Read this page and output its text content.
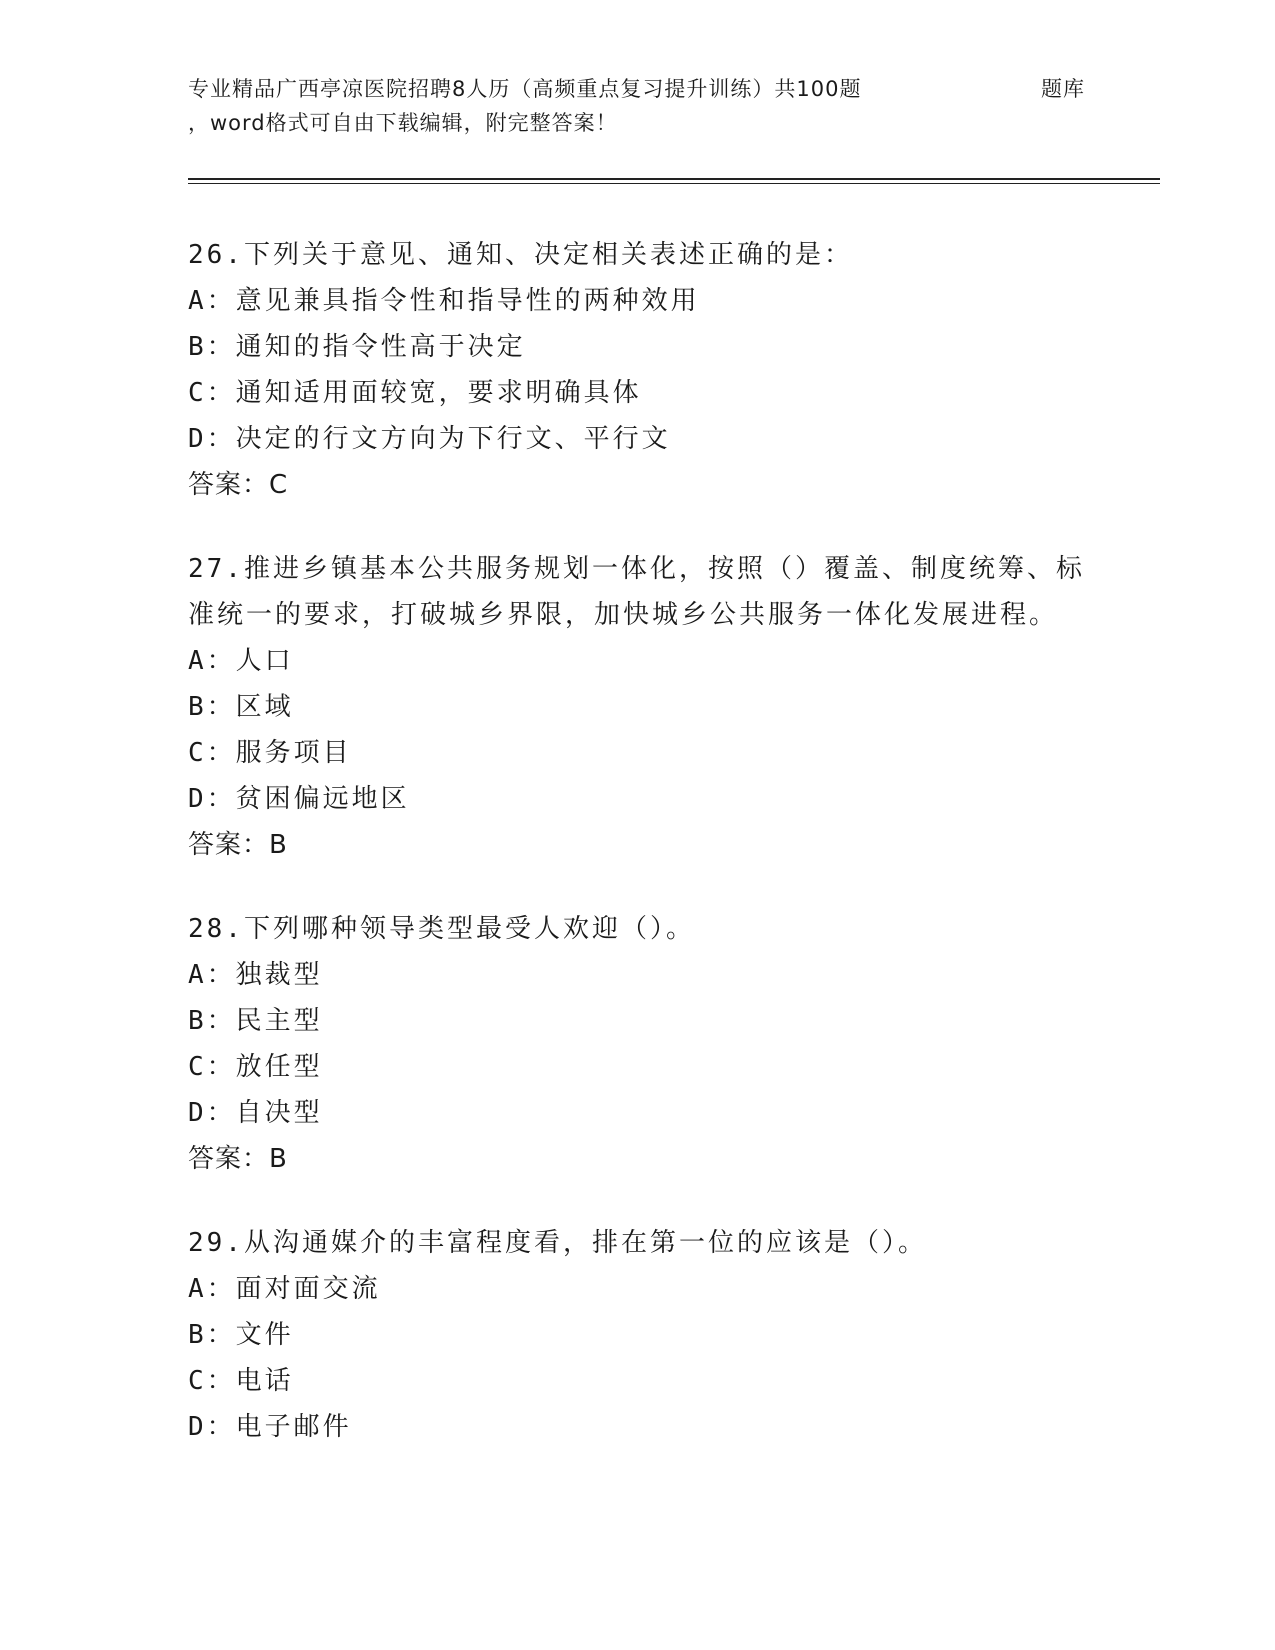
专业精品广西亭凉医院招聘8人历（高频重点复习提升训练）共100题
，word格式可自由下载编辑，附完整答案！
题库
26.下列关于意见、通知、决定相关表述正确的是：
A：意见兼具指令性和指导性的两种效用
B：通知的指令性高于决定
C：通知适用面较宽，要求明确具体
D：决定的行文方向为下行文、平行文
答案：C
27.推进乡镇基本公共服务规划一体化，按照（）覆盖、制度统筹、标
准统一的要求，打破城乡界限，加快城乡公共服务一体化发展进程。
A：人口
B：区域
C：服务项目
D：贫困偏远地区
答案：B
28.下列哪种领导类型最受人欢迎（）。
A：独裁型
B：民主型
C：放任型
D：自决型
答案：B
29.从沟通媒介的丰富程度看，排在第一位的应该是（）。
A：面对面交流
B：文件
C：电话
D：电子邮件
